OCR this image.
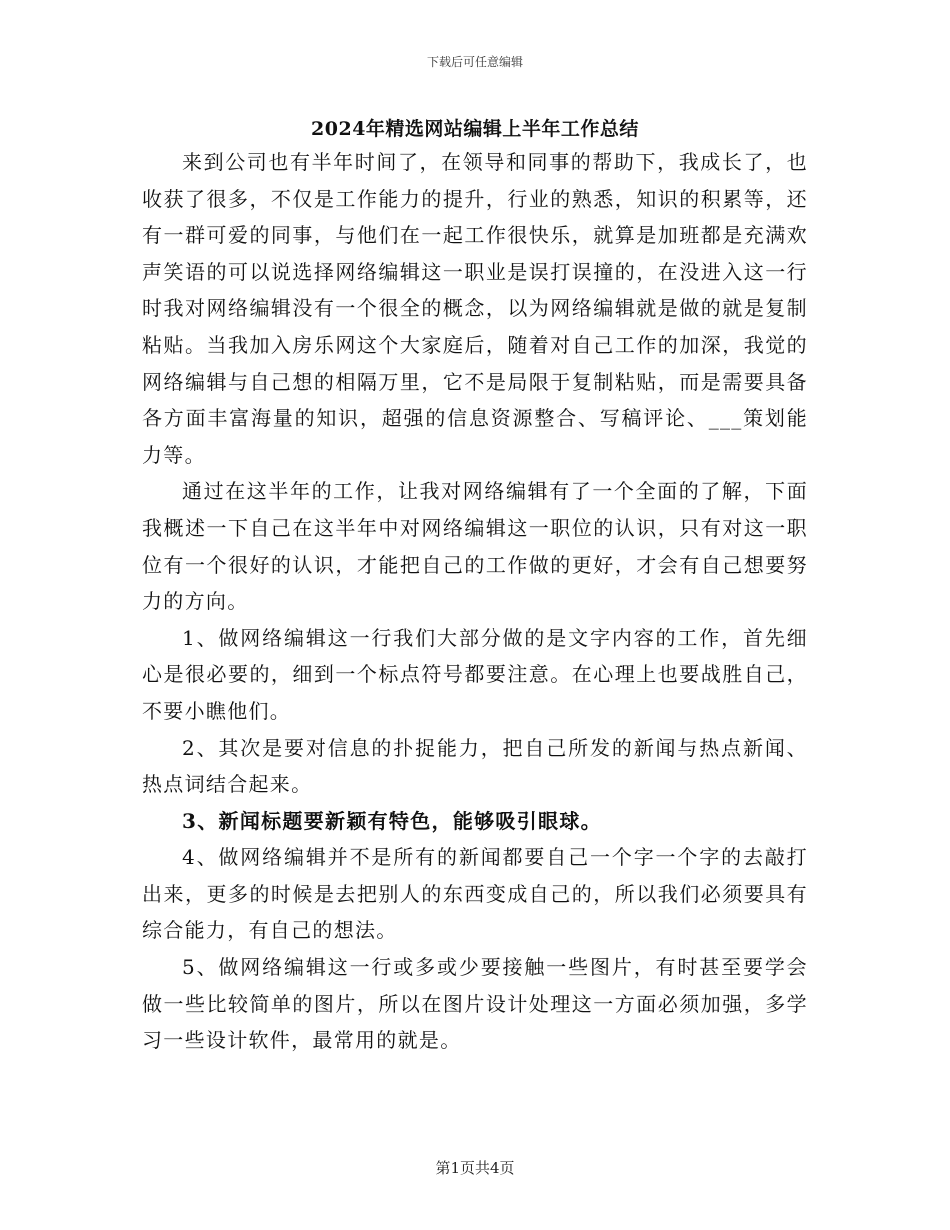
下载后可任意编辑
2024年精选网站编辑上半年工作总结

来到公司也有半年时间了，在领导和同事的帮助下，我成长了，也收获了很多，不仅是工作能力的提升，行业的熟悉，知识的积累等，还有一群可爱的同事，与他们在一起工作很快乐，就算是加班都是充满欢声笑语的可以说选择网络编辑这一职业是误打误撞的，在没进入这一行时我对网络编辑没有一个很全的概念，以为网络编辑就是做的就是复制粘贴。当我加入房乐网这个大家庭后，随着对自己工作的加深，我觉的网络编辑与自己想的相隔万里，它不是局限于复制粘贴，而是需要具备各方面丰富海量的知识，超强的信息资源整合、写稿评论、___策划能力等。

通过在这半年的工作，让我对网络编辑有了一个全面的了解，下面我概述一下自己在这半年中对网络编辑这一职位的认识，只有对这一职位有一个很好的认识，才能把自己的工作做的更好，才会有自己想要努力的方向。

1、做网络编辑这一行我们大部分做的是文字内容的工作，首先细心是很必要的，细到一个标点符号都要注意。在心理上也要战胜自己，不要小瞧他们。

2、其次是要对信息的扑捉能力，把自己所发的新闻与热点新闻、热点词结合起来。

3、新闻标题要新颖有特色，能够吸引眼球。

4、做网络编辑并不是所有的新闻都要自己一个字一个字的去敲打出来，更多的时候是去把别人的东西变成自己的，所以我们必须要具有综合能力，有自己的想法。

5、做网络编辑这一行或多或少要接触一些图片，有时甚至要学会做一些比较简单的图片，所以在图片设计处理这一方面必须加强，多学习一些设计软件，最常用的就是。

第1页共4页
